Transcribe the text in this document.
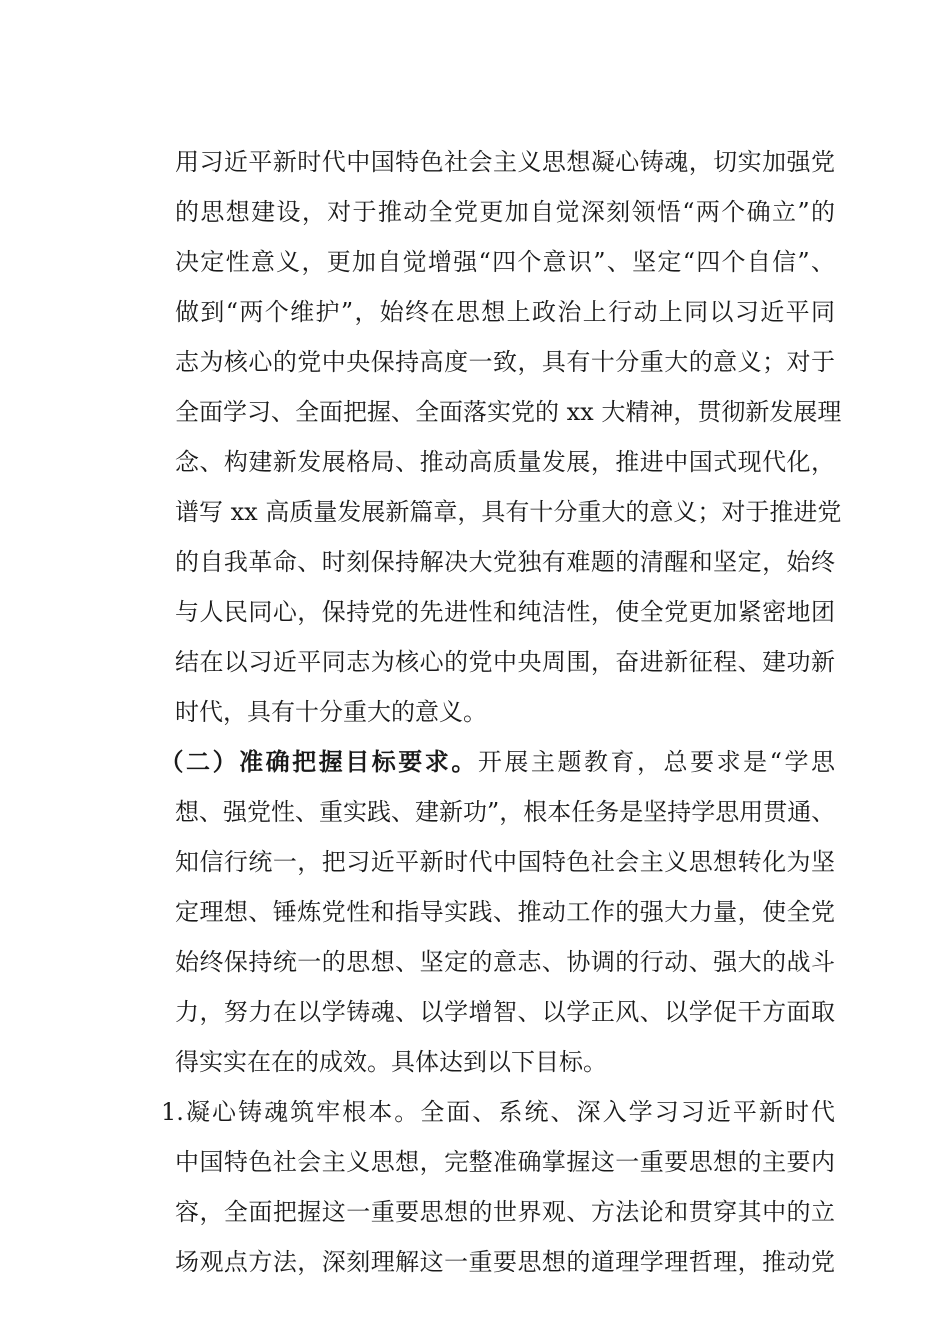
用习近平新时代中国特色社会主义思想凝心铸魂，切实加强党
的思想建设，对于推动全党更加自觉深刻领悟“两个确立”的
决定性意义，更加自觉增强“四个意识”、坚定“四个自信”、
做到“两个维护”，始终在思想上政治上行动上同以习近平同
志为核心的党中央保持高度一致，具有十分重大的意义；对于
全面学习、全面把握、全面落实党的 xx 大精神，贯彻新发展理
念、构建新发展格局、推动高质量发展，推进中国式现代化，
谱写 xx 高质量发展新篇章，具有十分重大的意义；对于推进党
的自我革命、时刻保持解决大党独有难题的清醒和坚定，始终
与人民同心，保持党的先进性和纯洁性，使全党更加紧密地团
结在以习近平同志为核心的党中央周围，奋进新征程、建功新
时代，具有十分重大的意义。
（二）准确把握目标要求。开展主题教育，总要求是“学思
想、强党性、重实践、建新功”，根本任务是坚持学思用贯通、
知信行统一，把习近平新时代中国特色社会主义思想转化为坚
定理想、锤炼党性和指导实践、推动工作的强大力量，使全党
始终保持统一的思想、坚定的意志、协调的行动、强大的战斗
力，努力在以学铸魂、以学增智、以学正风、以学促干方面取
得实实在在的成效。具体达到以下目标。
1.凝心铸魂筑牢根本。全面、系统、深入学习习近平新时代
中国特色社会主义思想，完整准确掌握这一重要思想的主要内
容，全面把握这一重要思想的世界观、方法论和贯穿其中的立
场观点方法，深刻理解这一重要思想的道理学理哲理，推动党
